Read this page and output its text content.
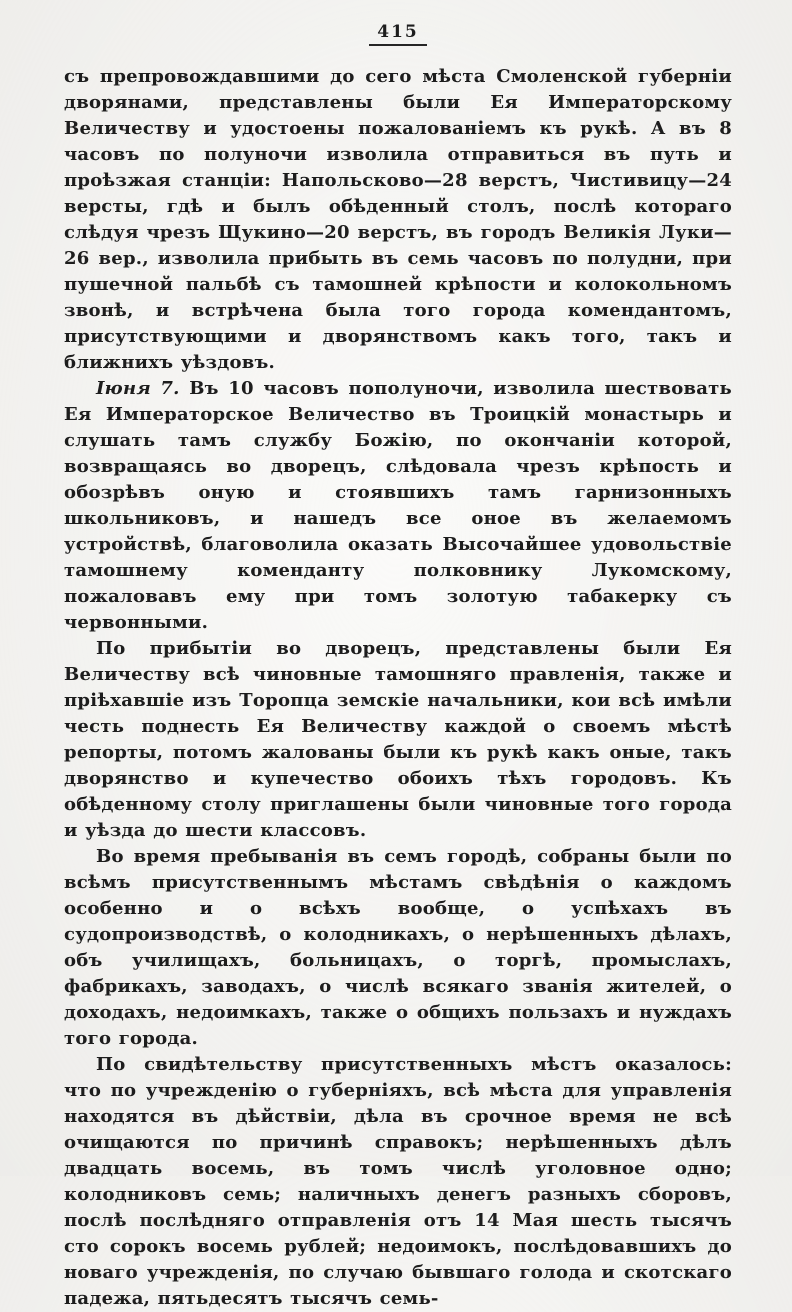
415

съ препровождавшими до сего мѣста Смоленской губерніи дворянами, представлены были Ея Императорскому Величеству и удостоены пожалованіемъ къ рукѣ. А въ 8 часовъ по полуночи изволила отправиться въ путь и проѣзжая станціи: Напольсково—28 верстъ, Чистивицу—24 версты, гдѣ и былъ обѣденный столъ, послѣ котораго слѣдуя чрезъ Щукино—20 верстъ, въ городъ Великія Луки—26 вер., изволила прибыть въ семь часовъ по полудни, при пушечной пальбѣ съ тамошней крѣпости и колокольномъ звонѣ, и встрѣчена была того города комендантомъ, присутствующими и дворянствомъ какъ того, такъ и ближнихъ уѣздовъ.

Іюня 7. Въ 10 часовъ пополуночи, изволила шествовать Ея Императорское Величество въ Троицкій монастырь и слушать тамъ службу Божію, по окончаніи которой, возвращаясь во дворецъ, слѣдовала чрезъ крѣпость и обозрѣвъ оную и стоявшихъ тамъ гарнизонныхъ школьниковъ, и нашедъ все оное въ желаемомъ устройствѣ, благоволила оказать Высочайшее удовольствіе тамошнему коменданту полковнику Лукомскому, пожаловавъ ему при томъ золотую табакерку съ червонными.

По прибытіи во дворецъ, представлены были Ея Величеству всѣ чиновные тамошняго правленія, также и пріѣхавшіе изъ Торопца земскіе начальники, кои всѣ имѣли честь поднесть Ея Величеству каждой о своемъ мѣстѣ репорты, потомъ жалованы были къ рукѣ какъ оные, такъ дворянство и купечество обоихъ тѣхъ городовъ. Къ обѣденному столу приглашены были чиновные того города и уѣзда до шести классовъ.

Во время пребыванія въ семъ городѣ, собраны были по всѣмъ присутственнымъ мѣстамъ свѣдѣнія о каждомъ особенно и о всѣхъ вообще, о успѣхахъ въ судопроизводствѣ, о колодникахъ, о нерѣшенныхъ дѣлахъ, объ училищахъ, больницахъ, о торгѣ, промыслахъ, фабрикахъ, заводахъ, о числѣ всякаго званія жителей, о доходахъ, недоимкахъ, также о общихъ пользахъ и нуждахъ того города.

По свидѣтельству присутственныхъ мѣстъ оказалось: что по учрежденію о губерніяхъ, всѣ мѣста для управленія находятся въ дѣйствіи, дѣла въ срочное время не всѣ очищаются по причинѣ справокъ; нерѣшенныхъ дѣлъ двадцать восемь, въ томъ числѣ уголовное одно; колодниковъ семь; наличныхъ денегъ разныхъ сборовъ, послѣ послѣдняго отправленія отъ 14 Мая шесть тысячъ сто сорокъ восемь рублей; недоимокъ, послѣдовавшихъ до новаго учрежденія, по случаю бывшаго голода и скотскаго падежа, пятьдесятъ тысячъ семь-
